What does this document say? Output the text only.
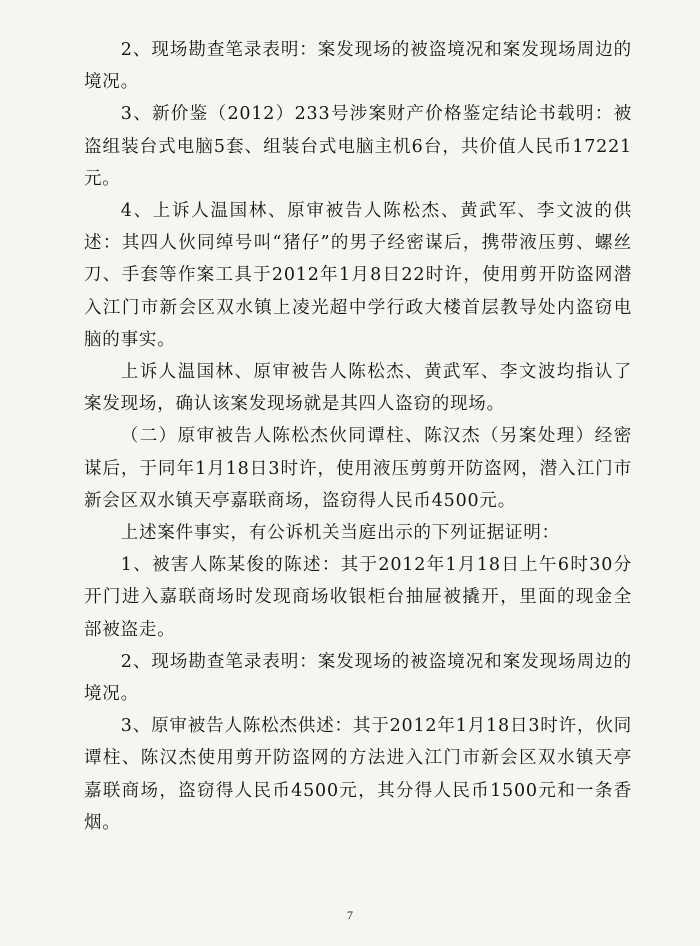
2、现场勘查笔录表明：案发现场的被盗境况和案发现场周边的境况。

3、新价鉴（2012）233号涉案财产价格鉴定结论书载明：被盗组装台式电脑5套、组装台式电脑主机6台，共价值人民币17221元。

4、上诉人温国林、原审被告人陈松杰、黄武军、李文波的供述：其四人伙同绰号叫“猪仔”的男子经密谋后，携带液压剪、螺丝刀、手套等作案工具于2012年1月8日22时许，使用剪开防盗网潜入江门市新会区双水镇上凌光超中学行政大楼首层教导处内盗窃电脑的事实。

上诉人温国林、原审被告人陈松杰、黄武军、李文波均指认了案发现场，确认该案发现场就是其四人盗窃的现场。

（二）原审被告人陈松杰伙同谭柱、陈汉杰（另案处理）经密谋后，于同年1月18日3时许，使用液压剪剪开防盗网，潜入江门市新会区双水镇天亭嘉联商场，盗窃得人民币4500元。

上述案件事实，有公诉机关当庭出示的下列证据证明：

1、被害人陈某俊的陈述：其于2012年1月18日上午6时30分开门进入嘉联商场时发现商场收银柜台抽屉被撬开，里面的现金全部被盗走。

2、现场勘查笔录表明：案发现场的被盗境况和案发现场周边的境况。

3、原审被告人陈松杰供述：其于2012年1月18日3时许，伙同谭柱、陈汉杰使用剪开防盗网的方法进入江门市新会区双水镇天亭嘉联商场，盗窃得人民币4500元，其分得人民币1500元和一条香烟。

7
